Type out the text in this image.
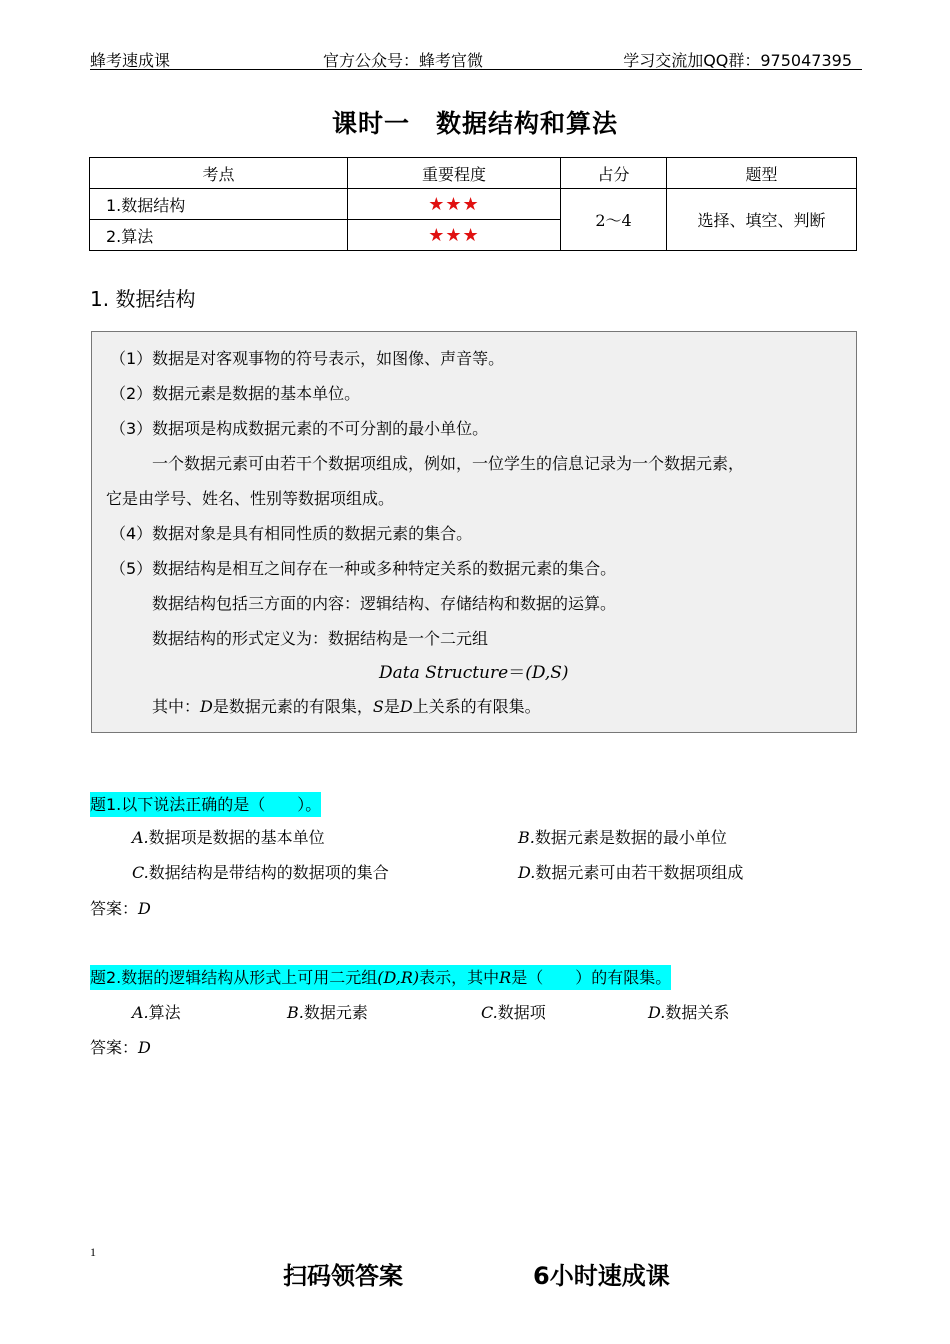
蜂考速成课	官方公众号：蜂考官微	学习交流加QQ群：975047395
课时一　数据结构和算法
考点	重要程度	占分	题型
1.数据结构	★★★	2～4	选择、填空、判断
2.算法	★★★		
1. 数据结构

（1）数据是对客观事物的符号表示，如图像、声音等。

（2）数据元素是数据的基本单位。

（3）数据项是构成数据元素的不可分割的最小单位。

一个数据元素可由若干个数据项组成，例如，一位学生的信息记录为一个数据元素，

它是由学号、姓名、性别等数据项组成。

（4）数据对象是具有相同性质的数据元素的集合。

（5）数据结构是相互之间存在一种或多种特定关系的数据元素的集合。

数据结构包括三方面的内容：逻辑结构、存储结构和数据的运算。

数据结构的形式定义为：数据结构是一个二元组

Data Structure＝(D,S)

其中：D是数据元素的有限集，S是D上关系的有限集。

题1.以下说法正确的是（　　）。
A.数据项是数据的基本单位	B.数据元素是数据的最小单位
C.数据结构是带结构的数据项的集合	D.数据元素可由若干数据项组成
答案：D
题2.数据的逻辑结构从形式上可用二元组(D,R)表示，其中R是（　　）的有限集。
A.算法	B.数据元素	C.数据项	D.数据关系
答案：D
1
扫码领答案	6小时速成课
